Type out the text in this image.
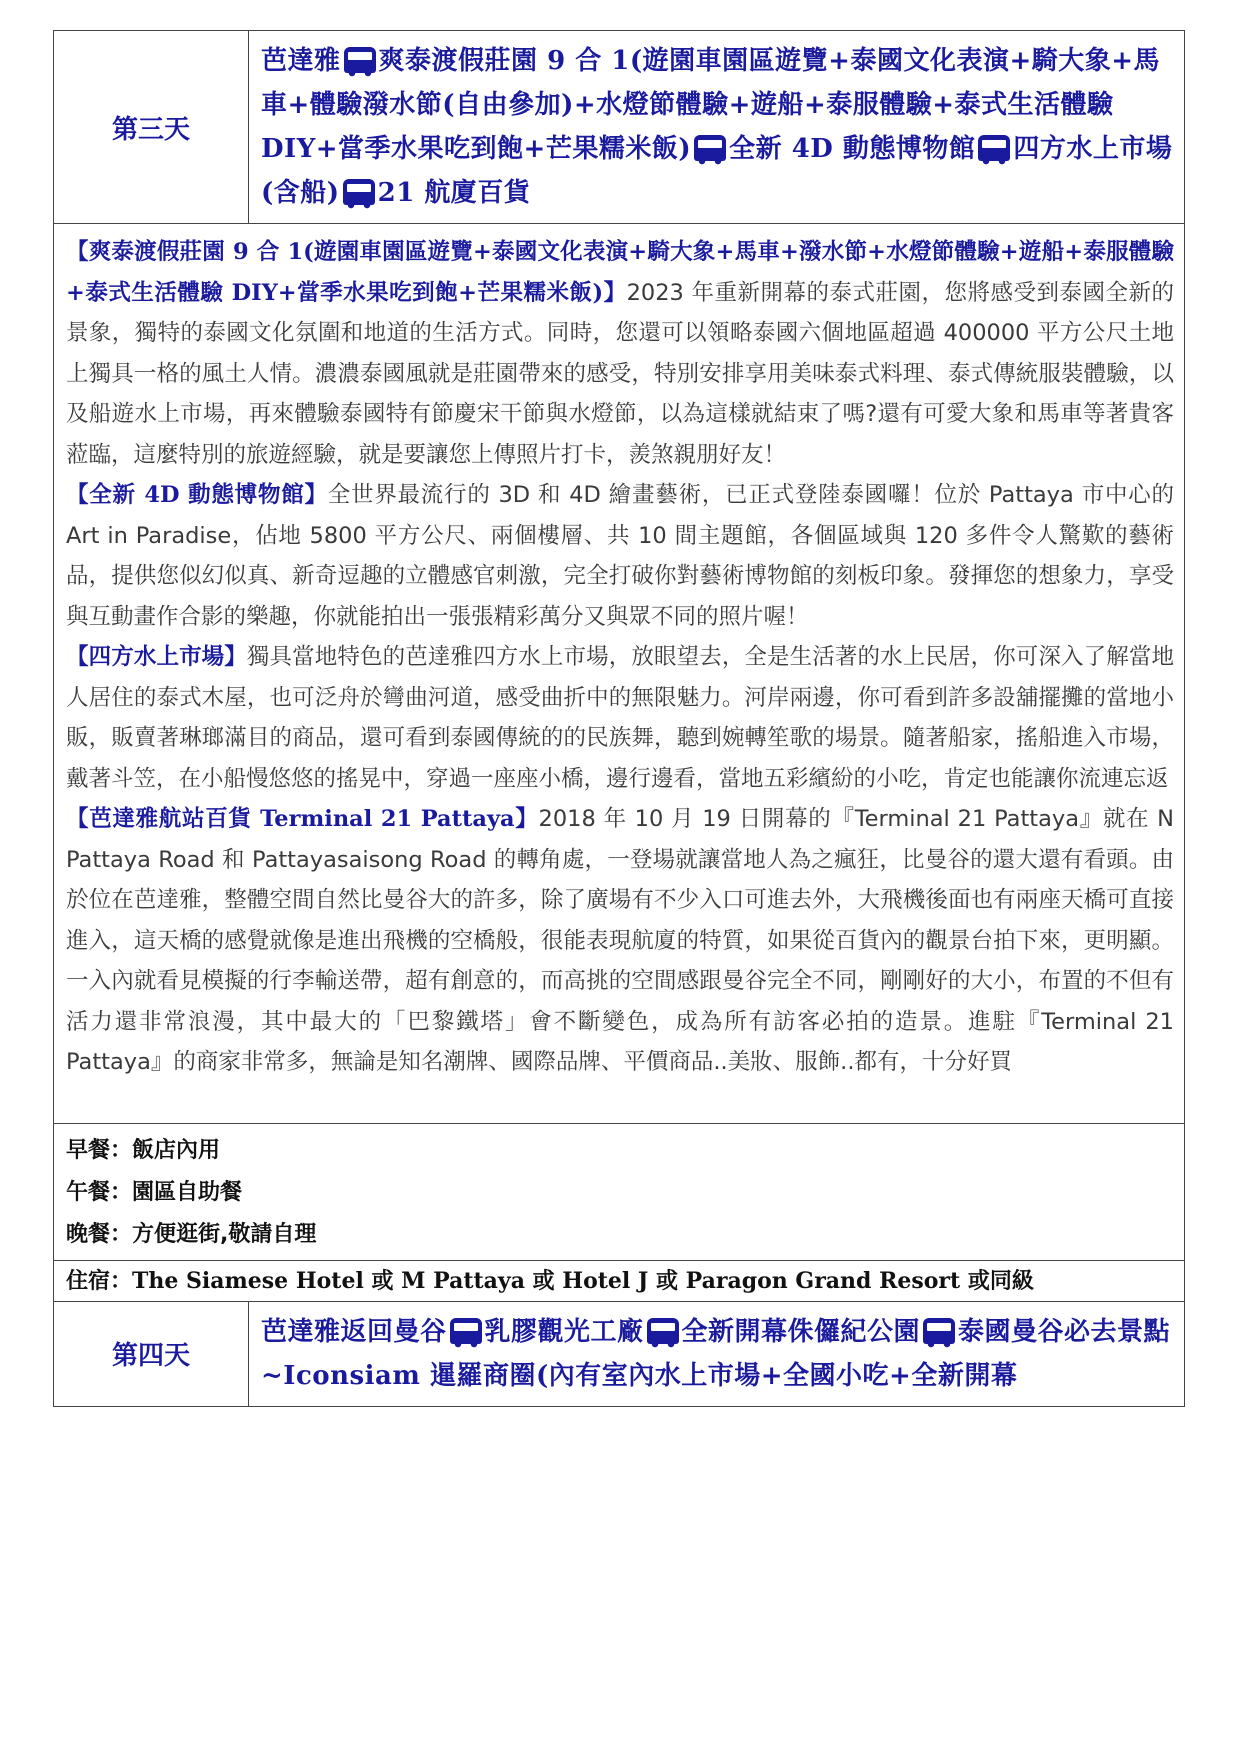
第三天	芭達雅 爽泰渡假莊園 9 合 1(遊園車園區遊覽+泰國文化表演+騎大象+馬車+體驗潑水節(自由參加)+水燈節體驗+遊船+泰服體驗+泰式生活體驗 DIY+當季水果吃到飽+芒果糯米飯) 全新 4D 動態博物館 四方水上市場(含船) 21 航廈百貨

【爽泰渡假莊園 9 合 1(遊園車園區遊覽+泰國文化表演+騎大象+馬車+潑水節+水燈節體驗+遊船+泰服體驗+泰式生活體驗 DIY+當季水果吃到飽+芒果糯米飯)】2023 年重新開幕的泰式莊園，您將感受到泰國全新的景象，獨特的泰國文化氛圍和地道的生活方式。同時，您還可以領略泰國六個地區超過 400000 平方公尺土地上獨具一格的風土人情。濃濃泰國風就是莊園帶來的感受，特別安排享用美味泰式料理、泰式傳統服裝體驗，以及船遊水上市場，再來體驗泰國特有節慶宋干節與水燈節，以為這樣就結束了嗎?還有可愛大象和馬車等著貴客蒞臨，這麼特別的旅遊經驗，就是要讓您上傳照片打卡，羨煞親朋好友！

【全新 4D 動態博物館】全世界最流行的 3D 和 4D 繪畫藝術，已正式登陸泰國囉！位於 Pattaya 市中心的 Art in Paradise，佔地 5800 平方公尺、兩個樓層、共 10 間主題館，各個區域與 120 多件令人驚歎的藝術品，提供您似幻似真、新奇逗趣的立體感官刺激，完全打破你對藝術博物館的刻板印象。發揮您的想象力，享受與互動畫作合影的樂趣，你就能拍出一張張精彩萬分又與眾不同的照片喔！

【四方水上市場】獨具當地特色的芭達雅四方水上市場，放眼望去，全是生活著的水上民居，你可深入了解當地人居住的泰式木屋，也可泛舟於彎曲河道，感受曲折中的無限魅力。河岸兩邊，你可看到許多設舖擺攤的當地小販，販賣著琳瑯滿目的商品，還可看到泰國傳統的的民族舞，聽到婉轉笙歌的場景。隨著船家，搖船進入市場，戴著斗笠，在小船慢悠悠的搖晃中，穿過一座座小橋，邊行邊看，當地五彩繽紛的小吃，肯定也能讓你流連忘返

【芭達雅航站百貨 Terminal 21 Pattaya】2018 年 10 月 19 日開幕的『Terminal 21 Pattaya』就在 N Pattaya Road 和 Pattayasaisong Road 的轉角處，一登場就讓當地人為之瘋狂，比曼谷的還大還有看頭。由於位在芭達雅，整體空間自然比曼谷大的許多，除了廣場有不少入口可進去外，大飛機後面也有兩座天橋可直接進入，這天橋的感覺就像是進出飛機的空橋般，很能表現航廈的特質，如果從百貨內的觀景台拍下來，更明顯。一入內就看見模擬的行李輸送帶，超有創意的，而高挑的空間感跟曼谷完全不同，剛剛好的大小，布置的不但有活力還非常浪漫，其中最大的「巴黎鐵塔」會不斷變色，成為所有訪客必拍的造景。進駐『Terminal 21 Pattaya』的商家非常多，無論是知名潮牌、國際品牌、平價商品..美妝、服飾..都有，十分好買	

早餐：飯店內用
午餐：園區自助餐
晚餐：方便逛街,敬請自理	

住宿：The Siamese Hotel 或 M Pattaya 或 Hotel J 或 Paragon Grand Resort 或同級	
第四天	芭達雅返回曼谷 乳膠觀光工廠 全新開幕侏儸紀公園 泰國曼谷必去景點~Iconsiam 暹羅商圈(內有室內水上市場+全國小吃+全新開幕
